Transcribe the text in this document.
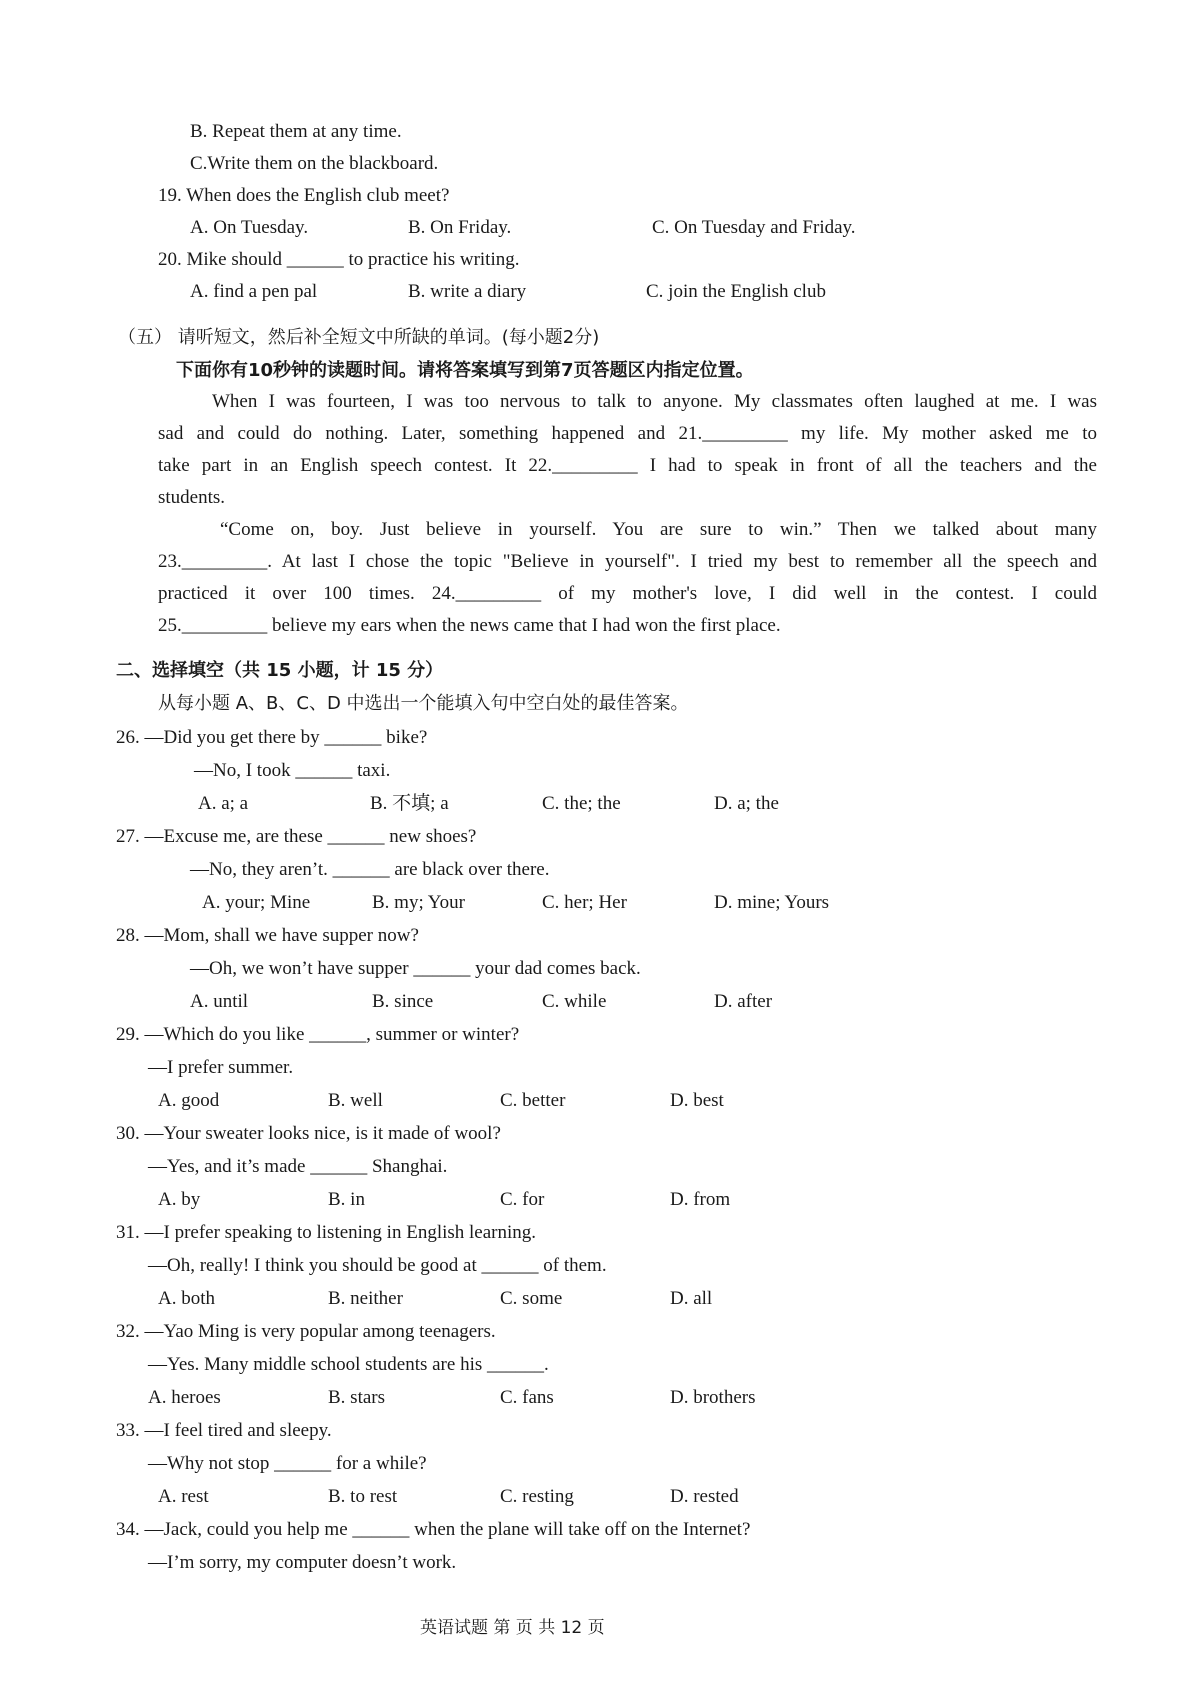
B. Repeat them at any time.
C.Write them on the blackboard.
19. When does the English club meet?
A. On Tuesday.	B. On Friday.	C. On Tuesday and Friday.
20. Mike should ______ to practice his writing.
A. find a pen pal	B. write a diary	C. join the English club
（五） 请听短文，然后补全短文中所缺的单词。(每小题2分)
下面你有10秒钟的读题时间。请将答案填写到第7页答题区内指定位置。
When I was fourteen, I was too nervous to talk to anyone. My classmates often laughed at me. I was
sad and could do nothing. Later, something happened and 21._________ my life. My mother asked me to
take part in an English speech contest. It 22._________ I had to speak in front of all the teachers and the
students.
“Come on, boy. Just believe in yourself. You are sure to win.” Then we talked about many
23._________. At last I chose the topic "Believe in yourself". I tried my best to remember all the speech and
practiced it over 100 times. 24._________ of my mother's love, I did well in the contest. I could
25._________ believe my ears when the news came that I had won the first place.
二、选择填空（共 15 小题，计 15 分）
从每小题 A、B、C、D 中选出一个能填入句中空白处的最佳答案。
26. —Did you get there by ______ bike?
—No, I took ______ taxi.
A. a; a	B. 不填; a	C. the; the	D. a; the
27. —Excuse me, are these ______ new shoes?
—No, they aren’t. ______ are black over there.
A. your; Mine	B. my; Your	C. her; Her	D. mine; Yours
28. —Mom, shall we have supper now?
—Oh, we won’t have supper ______ your dad comes back.
A. until	B. since	C. while	D. after
29. —Which do you like ______, summer or winter?
—I prefer summer.
A. good	B. well	C. better	D. best
30. —Your sweater looks nice, is it made of wool?
—Yes, and it’s made ______ Shanghai.
A. by	B. in	C. for	D. from
31. —I prefer speaking to listening in English learning.
—Oh, really! I think you should be good at ______ of them.
A. both	B. neither	C. some	D. all
32. —Yao Ming is very popular among teenagers.
—Yes. Many middle school students are his ______.
A. heroes	B. stars	C. fans	D. brothers
33. —I feel tired and sleepy.
—Why not stop ______ for a while?
A. rest	B. to rest	C. resting	D. rested
34. —Jack, could you help me ______ when the plane will take off on the Internet?
—I’m sorry, my computer doesn’t work.
英语试题 第 页 共 12 页
